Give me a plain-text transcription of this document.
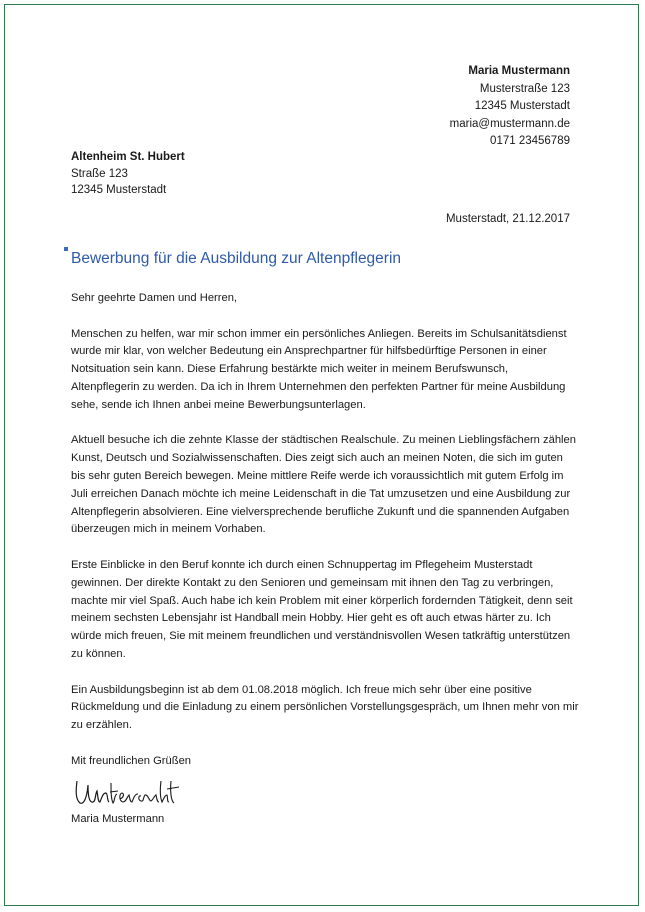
Maria Mustermann
Musterstraße 123
12345 Musterstadt
maria@mustermann.de
0171 23456789
Altenheim St. Hubert
Straße 123
12345 Musterstadt
Musterstadt, 21.12.2017
Bewerbung für die Ausbildung zur Altenpflegerin

Sehr geehrte Damen und Herren,

Menschen zu helfen, war mir schon immer ein persönliches Anliegen. Bereits im Schulsanitätsdienst wurde mir klar, von welcher Bedeutung ein Ansprechpartner für hilfsbedürftige Personen in einer Notsituation sein kann. Diese Erfahrung bestärkte mich weiter in meinem Berufswunsch, Altenpflegerin zu werden. Da ich in Ihrem Unternehmen den perfekten Partner für meine Ausbildung sehe, sende ich Ihnen anbei meine Bewerbungsunterlagen.

Aktuell besuche ich die zehnte Klasse der städtischen Realschule. Zu meinen Lieblingsfächern zählen Kunst, Deutsch und Sozialwissenschaften. Dies zeigt sich auch an meinen Noten, die sich im guten bis sehr guten Bereich bewegen. Meine mittlere Reife werde ich voraussichtlich mit gutem Erfolg im Juli erreichen Danach möchte ich meine Leidenschaft in die Tat umzusetzen und eine Ausbildung zur Altenpflegerin absolvieren. Eine vielversprechende berufliche Zukunft und die spannenden Aufgaben überzeugen mich in meinem Vorhaben.

Erste Einblicke in den Beruf konnte ich durch einen Schnuppertag im Pflegeheim Musterstadt gewinnen. Der direkte Kontakt zu den Senioren und gemeinsam mit ihnen den Tag zu verbringen, machte mir viel Spaß. Auch habe ich kein Problem mit einer körperlich fordernden Tätigkeit, denn seit meinem sechsten Lebensjahr ist Handball mein Hobby. Hier geht es oft auch etwas härter zu. Ich würde mich freuen, Sie mit meinem freundlichen und verständnisvollen Wesen tatkräftig unterstützen zu können.

Ein Ausbildungsbeginn ist ab dem 01.08.2018 möglich. Ich freue mich sehr über eine positive Rückmeldung und die Einladung zu einem persönlichen Vorstellungsgespräch, um Ihnen mehr von mir zu erzählen.

Mit freundlichen Grüßen
Maria Mustermann
